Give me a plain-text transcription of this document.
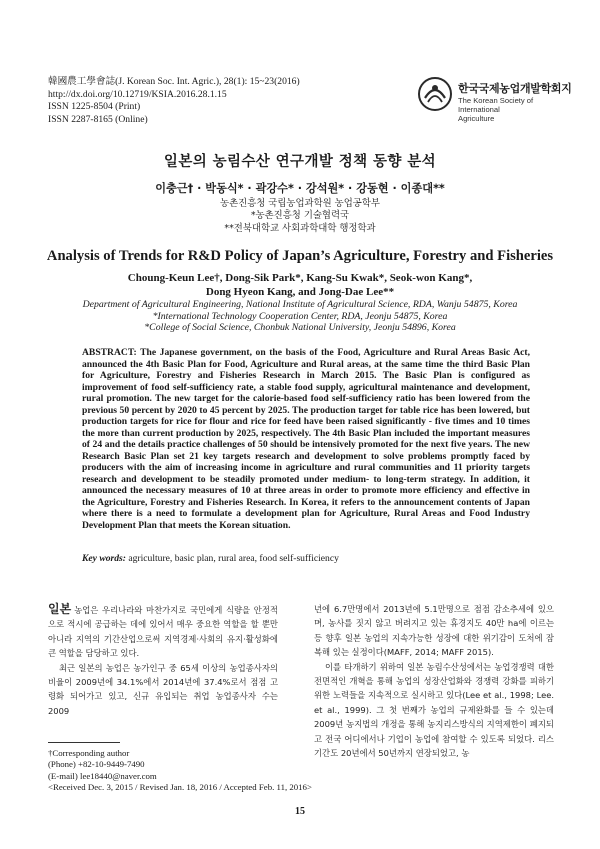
韓國農工學會誌(J. Korean Soc. Int. Agric.), 28(1): 15~23(2016)
http://dx.doi.org/10.12719/KSIA.2016.28.1.15
ISSN 1225-8504 (Print)
ISSN 2287-8165 (Online)
한국국제농업개발학회지
The Korean Society of International
Agriculture
일본의 농림수산 연구개발 정책 동향 분석
이충근† · 박동식* · 곽강수* · 강석원* · 강동현 · 이종대**
농촌진흥청 국립농업과학원 농업공학부
*농촌진흥청 기술협력국
**전북대학교 사회과학대학 행정학과
Analysis of Trends for R&D Policy of Japan’s Agriculture, Forestry and Fisheries
Choung-Keun Lee†, Dong-Sik Park*, Kang-Su Kwak*, Seok-won Kang*,
Dong Hyeon Kang, and Jong-Dae Lee**
Department of Agricultural Engineering, National Institute of Agricultural Science, RDA, Wanju 54875, Korea
*International Technology Cooperation Center, RDA, Jeonju 54875, Korea
*College of Social Science, Chonbuk National University, Jeonju 54896, Korea
ABSTRACT: The Japanese government, on the basis of the Food, Agriculture and Rural Areas Basic Act, announced the 4th Basic Plan for Food, Agriculture and Rural areas, at the same time the third Basic Plan for Agriculture, Forestry and Fisheries Research in March 2015. The Basic Plan is configured as improvement of food self-sufficiency rate, a stable food supply, agricultural maintenance and development, rural promotion. The new target for the calorie-based food self-sufficiency ratio has been lowered from the previous 50 percent by 2020 to 45 percent by 2025. The production target for table rice has been lowered, but production targets for rice for flour and rice for feed have been raised significantly - five times and 10 times the more than current production by 2025, respectively. The 4th Basic Plan included the important measures of 24 and the details practice challenges of 50 should be intensively promoted for the next five years. The new Research Basic Plan set 21 key targets research and development to solve problems promptly faced by producers with the aim of increasing income in agriculture and rural communities and 11 priority targets research and development to be steadily promoted under medium- to long-term strategy. In addition, it announced the necessary measures of 10 at three areas in order to promote more efficiency and effective in the Agriculture, Forestry and Fisheries Research. In Korea, it refers to the announcement contents of Japan where there is a need to formulate a development plan for Agriculture, Rural Areas and Food Industry Development Plan that meets the Korean situation.
Key words: agriculture, basic plan, rural area, food self-sufficiency

일본 농업은 우리나라와 마찬가지로 국민에게 식량을 안정적으로 적시에 공급하는 데에 있어서 매우 중요한 역할을 할 뿐만 아니라 지역의 기간산업으로써 지역경제·사회의 유지·활성화에 큰 역할을 담당하고 있다.

최근 일본의 농업은 농가인구 중 65세 이상의 농업종사자의 비율이 2009년에 34.1%에서 2014년에 37.4%로서 점점 고령화 되어가고 있고, 신규 유입되는 취업 농업종사자 수는 2009

년에 6.7만명에서 2013년에 5.1만명으로 점점 감소추세에 있으며, 농사를 짓지 않고 버려지고 있는 휴경지도 40만 ha에 이르는 등 향후 일본 농업의 지속가능한 성장에 대한 위기감이 도처에 잠복해 있는 실정이다(MAFF, 2014; MAFF 2015).

이를 타개하기 위하여 일본 농림수산성에서는 농업경쟁력 대한 전면적인 개혁을 통해 농업의 성장산업화와 경쟁력 강화를 피하기 위한 노력들을 지속적으로 실시하고 있다(Lee et al., 1998; Lee. et al., 1999). 그 첫 번째가 농업의 규제완화를 들 수 있는데 2009년 농지법의 개정을 통해 농지리스방식의 지역제한이 폐지되고 전국 어디에서나 기업이 농업에 참여할 수 있도록 되었다. 리스 기간도 20년에서 50년까지 연장되었고, 농

†Corresponding author
(Phone) +82-10-9449-7490
(E-mail) lee18440@naver.com
<Received Dec. 3, 2015 / Revised Jan. 18, 2016 / Accepted Feb. 11, 2016>
15
